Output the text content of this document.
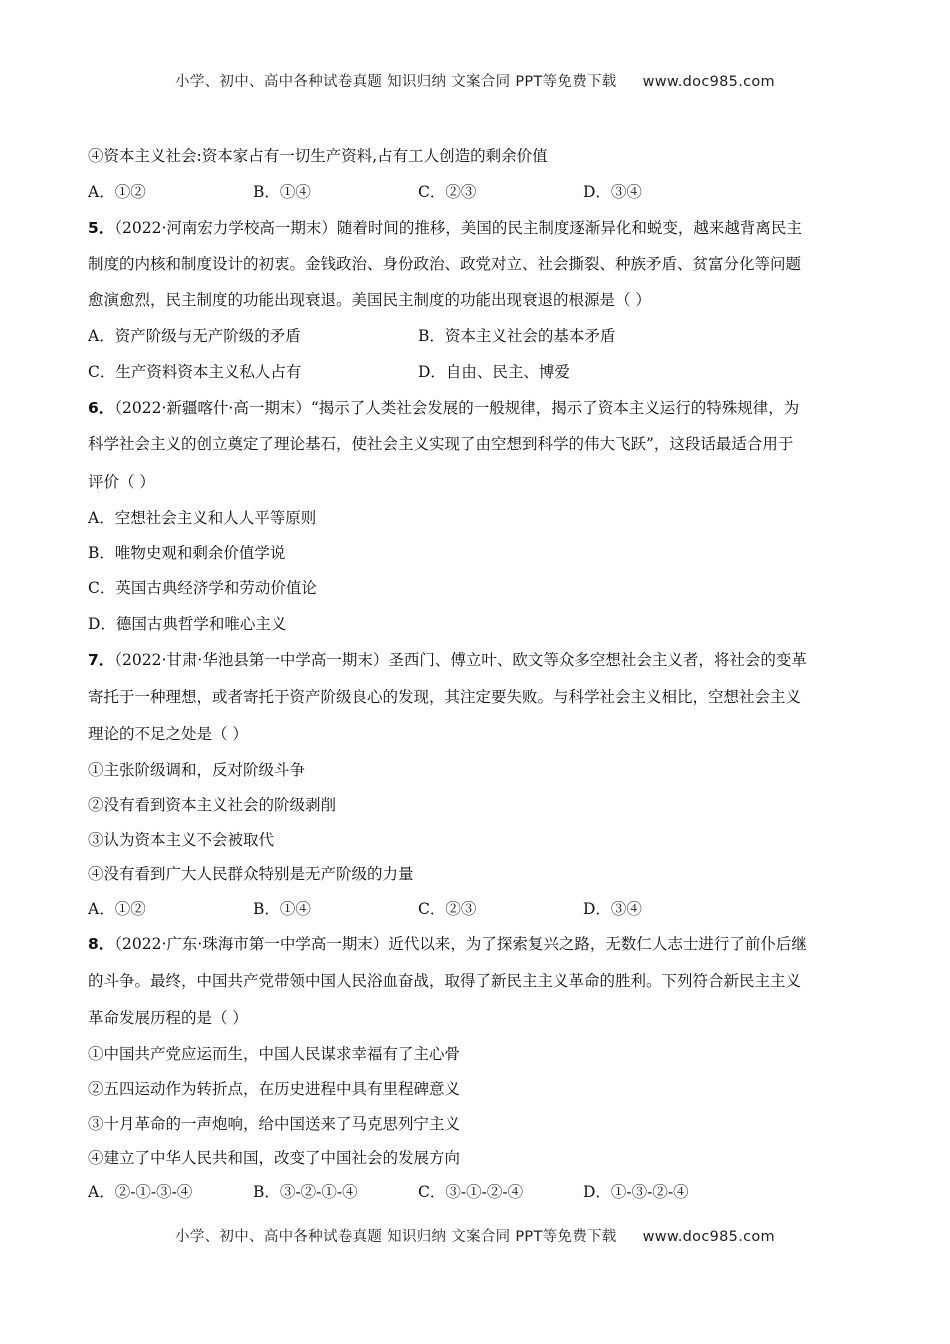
小学、初中、高中各种试卷真题 知识归纳 文案合同 PPT等免费下载 www.doc985.com
④资本主义社会:资本家占有一切生产资料,占有工人创造的剩余价值
A．①②	B．①④	C．②③	D．③④
5．（2022·河南宏力学校高一期末）随着时间的推移，美国的民主制度逐渐异化和蜕变，越来越背离民主
制度的内核和制度设计的初衷。金钱政治、身份政治、政党对立、社会撕裂、种族矛盾、贫富分化等问题
愈演愈烈，民主制度的功能出现衰退。美国民主制度的功能出现衰退的根源是（ ）
A．资产阶级与无产阶级的矛盾	B．资本主义社会的基本矛盾
C．生产资料资本主义私人占有	D．自由、民主、博爱
6．（2022·新疆喀什·高一期末）“揭示了人类社会发展的一般规律，揭示了资本主义运行的特殊规律，为
科学社会主义的创立奠定了理论基石，使社会主义实现了由空想到科学的伟大飞跃”，这段话最适合用于
评价（ ）
A．空想社会主义和人人平等原则
B．唯物史观和剩余价值学说
C．英国古典经济学和劳动价值论
D．德国古典哲学和唯心主义
7．（2022·甘肃·华池县第一中学高一期末）圣西门、傅立叶、欧文等众多空想社会主义者，将社会的变革
寄托于一种理想，或者寄托于资产阶级良心的发现，其注定要失败。与科学社会主义相比，空想社会主义
理论的不足之处是（ ）
①主张阶级调和，反对阶级斗争
②没有看到资本主义社会的阶级剥削
③认为资本主义不会被取代
④没有看到广大人民群众特别是无产阶级的力量
A．①②	B．①④	C．②③	D．③④
8．（2022·广东·珠海市第一中学高一期末）近代以来，为了探索复兴之路，无数仁人志士进行了前仆后继
的斗争。最终，中国共产党带领中国人民浴血奋战，取得了新民主主义革命的胜利。下列符合新民主主义
革命发展历程的是（ ）
①中国共产党应运而生，中国人民谋求幸福有了主心骨
②五四运动作为转折点，在历史进程中具有里程碑意义
③十月革命的一声炮响，给中国送来了马克思列宁主义
④建立了中华人民共和国，改变了中国社会的发展方向
A．②-①-③-④	B．③-②-①-④	C．③-①-②-④	D．①-③-②-④
小学、初中、高中各种试卷真题 知识归纳 文案合同 PPT等免费下载 www.doc985.com
